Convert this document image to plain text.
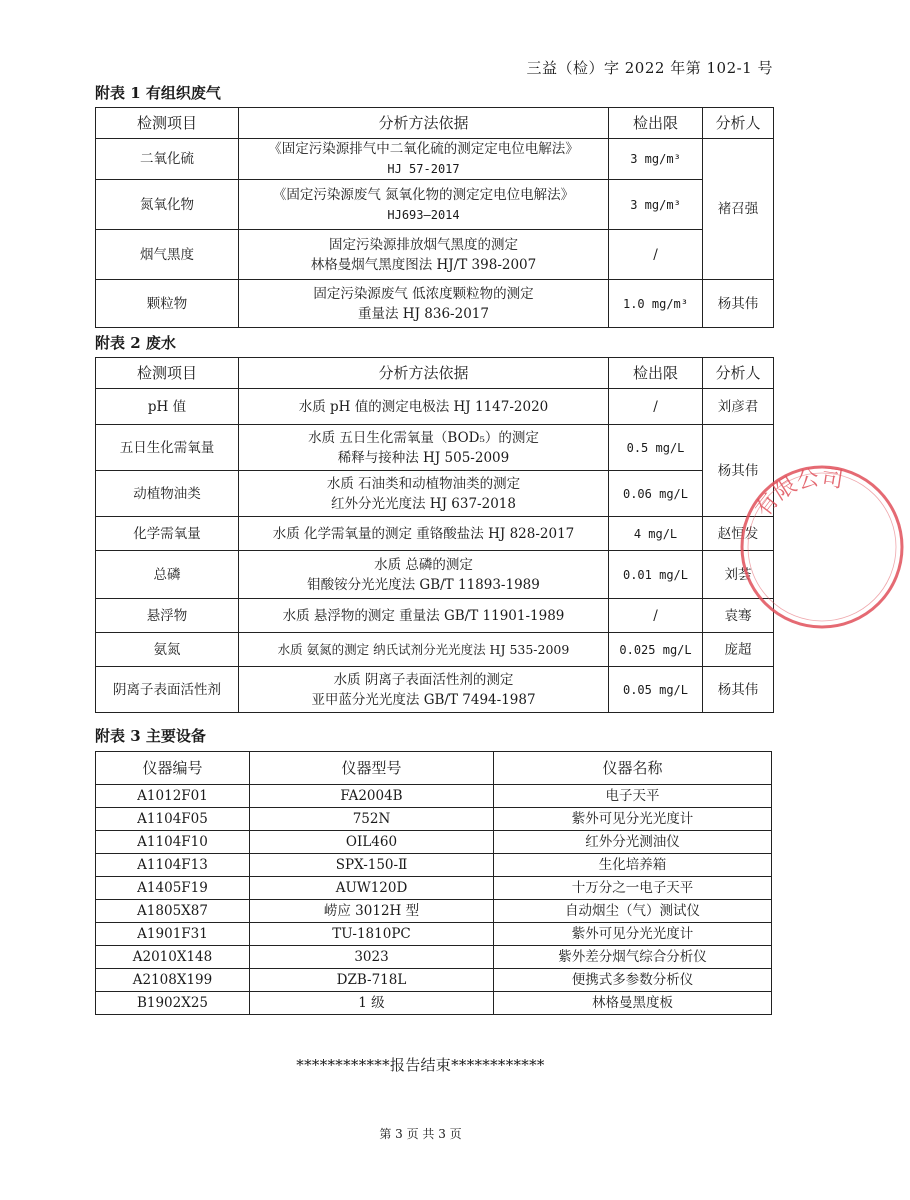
三益（检）字 2022 年第 102-1 号
附表 1 有组织废气
检测项目	分析方法依据	检出限	分析人
二氧化硫	《固定污染源排气中二氧化硫的测定定电位电解法》
HJ 57-2017	3 mg/m³	褚召强
氮氧化物	《固定污染源废气 氮氧化物的测定定电位电解法》
HJ693—2014	3 mg/m³	
烟气黑度	固定污染源排放烟气黑度的测定
林格曼烟气黑度图法 HJ/T 398-2007	/	
颗粒物	固定污染源废气 低浓度颗粒物的测定
重量法 HJ 836-2017	1.0 mg/m³	杨其伟
附表 2 废水
检测项目	分析方法依据	检出限	分析人
pH 值	水质 pH 值的测定电极法 HJ 1147-2020	/	刘彦君
五日生化需氧量	水质 五日生化需氧量（BOD₅）的测定
稀释与接种法 HJ 505-2009	0.5 mg/L	杨其伟
动植物油类	水质 石油类和动植物油类的测定
红外分光光度法 HJ 637-2018	0.06 mg/L	
化学需氧量	水质 化学需氧量的测定 重铬酸盐法 HJ 828-2017	4 mg/L	赵恒发
总磷	水质 总磷的测定
钼酸铵分光光度法 GB/T 11893-1989	0.01 mg/L	刘荟
悬浮物	水质 悬浮物的测定 重量法 GB/T 11901-1989	/	袁骞
氨氮	水质 氨氮的测定 纳氏试剂分光光度法 HJ 535-2009	0.025 mg/L	庞超
阴离子表面活性剂	水质 阴离子表面活性剂的测定
亚甲蓝分光光度法 GB/T 7494-1987	0.05 mg/L	杨其伟
附表 3 主要设备
仪器编号	仪器型号	仪器名称
A1012F01	FA2004B	电子天平
A1104F05	752N	紫外可见分光光度计
A1104F10	OIL460	红外分光测油仪
A1104F13	SPX-150-Ⅱ	生化培养箱
A1405F19	AUW120D	十万分之一电子天平
A1805X87	崂应 3012H 型	自动烟尘（气）测试仪
A1901F31	TU-1810PC	紫外可见分光光度计
A2010X148	3023	紫外差分烟气综合分析仪
A2108X199	DZB-718L	便携式多参数分析仪
B1902X25	1 级	林格曼黑度板
************报告结束************
第 3 页 共 3 页
有限公司
